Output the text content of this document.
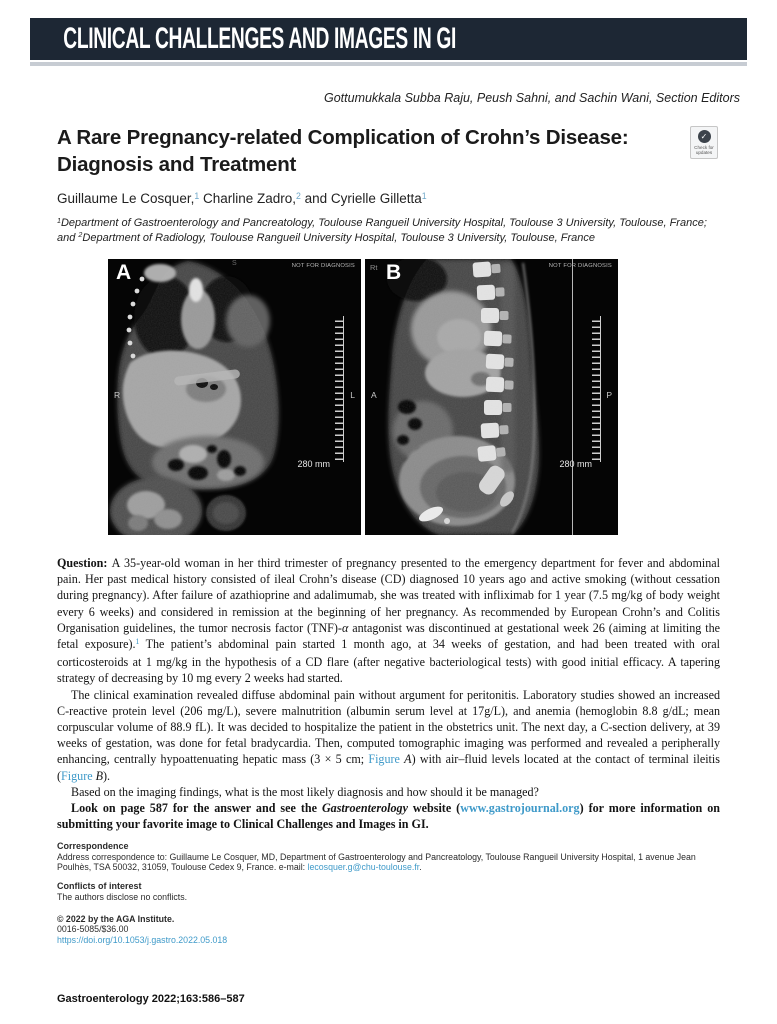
CLINICAL CHALLENGES AND IMAGES IN GI
Gottumukkala Subba Raju, Peush Sahni, and Sachin Wani, Section Editors
A Rare Pregnancy-related Complication of Crohn’s Disease:
Diagnosis and Treatment
✓
Check for updates
Guillaume Le Cosquer,$^1$ Charline Zadro,$^2$ and Cyrielle Gilletta$^1$
$^1$Department of Gastroenterology and Pancreatology, Toulouse Rangueil University Hospital, Toulouse 3 University, Toulouse, France; and $^2$Department of Radiology, Toulouse Rangueil University Hospital, Toulouse 3 University, Toulouse, France
A	S	NOT FOR DIAGNOSIS
R	L
280 mm
Rt B	NOT FOR DIAGNOSIS
A	P
280 mm

Question: A 35-year-old woman in her third trimester of pregnancy presented to the emergency department for fever and abdominal pain. Her past medical history consisted of ileal Crohn’s disease (CD) diagnosed 10 years ago and active smoking (without cessation during pregnancy). After failure of azathioprine and adalimumab, she was treated with infliximab for 1 year (7.5 mg/kg of body weight every 6 weeks) and considered in remission at the beginning of her pregnancy. As recommended by European Crohn’s and Colitis Organisation guidelines, the tumor necrosis factor (TNF)-α antagonist was discontinued at gestational week 26 (aiming at limiting the fetal exposure).$^1$ The patient’s abdominal pain started 1 month ago, at 34 weeks of gestation, and had been treated with oral corticosteroids at 1 mg/kg in the hypothesis of a CD flare (after negative bacteriological tests) with good initial efficacy. A tapering strategy of decreasing by 10 mg every 2 weeks had started.

The clinical examination revealed diffuse abdominal pain without argument for peritonitis. Laboratory studies showed an increased C-reactive protein level (206 mg/L), severe malnutrition (albumin serum level at 17g/L), and anemia (hemoglobin 8.8 g/dL; mean corpuscular volume of 88.9 fL). It was decided to hospitalize the patient in the obstetrics unit. The next day, a C-section delivery, at 39 weeks of gestation, was done for fetal bradycardia. Then, computed tomographic imaging was performed and revealed a peripherally enhancing, centrally hypoattenuating hepatic mass (3 × 5 cm; Figure A) with air–fluid levels located at the contact of terminal ileitis (Figure B).

Based on the imaging findings, what is the most likely diagnosis and how should it be managed?

Look on page 587 for the answer and see the Gastroenterology website (www.gastrojournal.org) for more information on submitting your favorite image to Clinical Challenges and Images in GI.

Correspondence

Address correspondence to: Guillaume Le Cosquer, MD, Department of Gastroenterology and Pancreatology, Toulouse Rangueil University Hospital, 1 avenue Jean Poulhès, TSA 50032, 31059, Toulouse Cedex 9, France. e-mail: lecosquer.g@chu-toulouse.fr.

Conflicts of interest

The authors disclose no conflicts.

© 2022 by the AGA Institute.

0016-5085/$36.00

https://doi.org/10.1053/j.gastro.2022.05.018

Gastroenterology 2022;163:586–587
